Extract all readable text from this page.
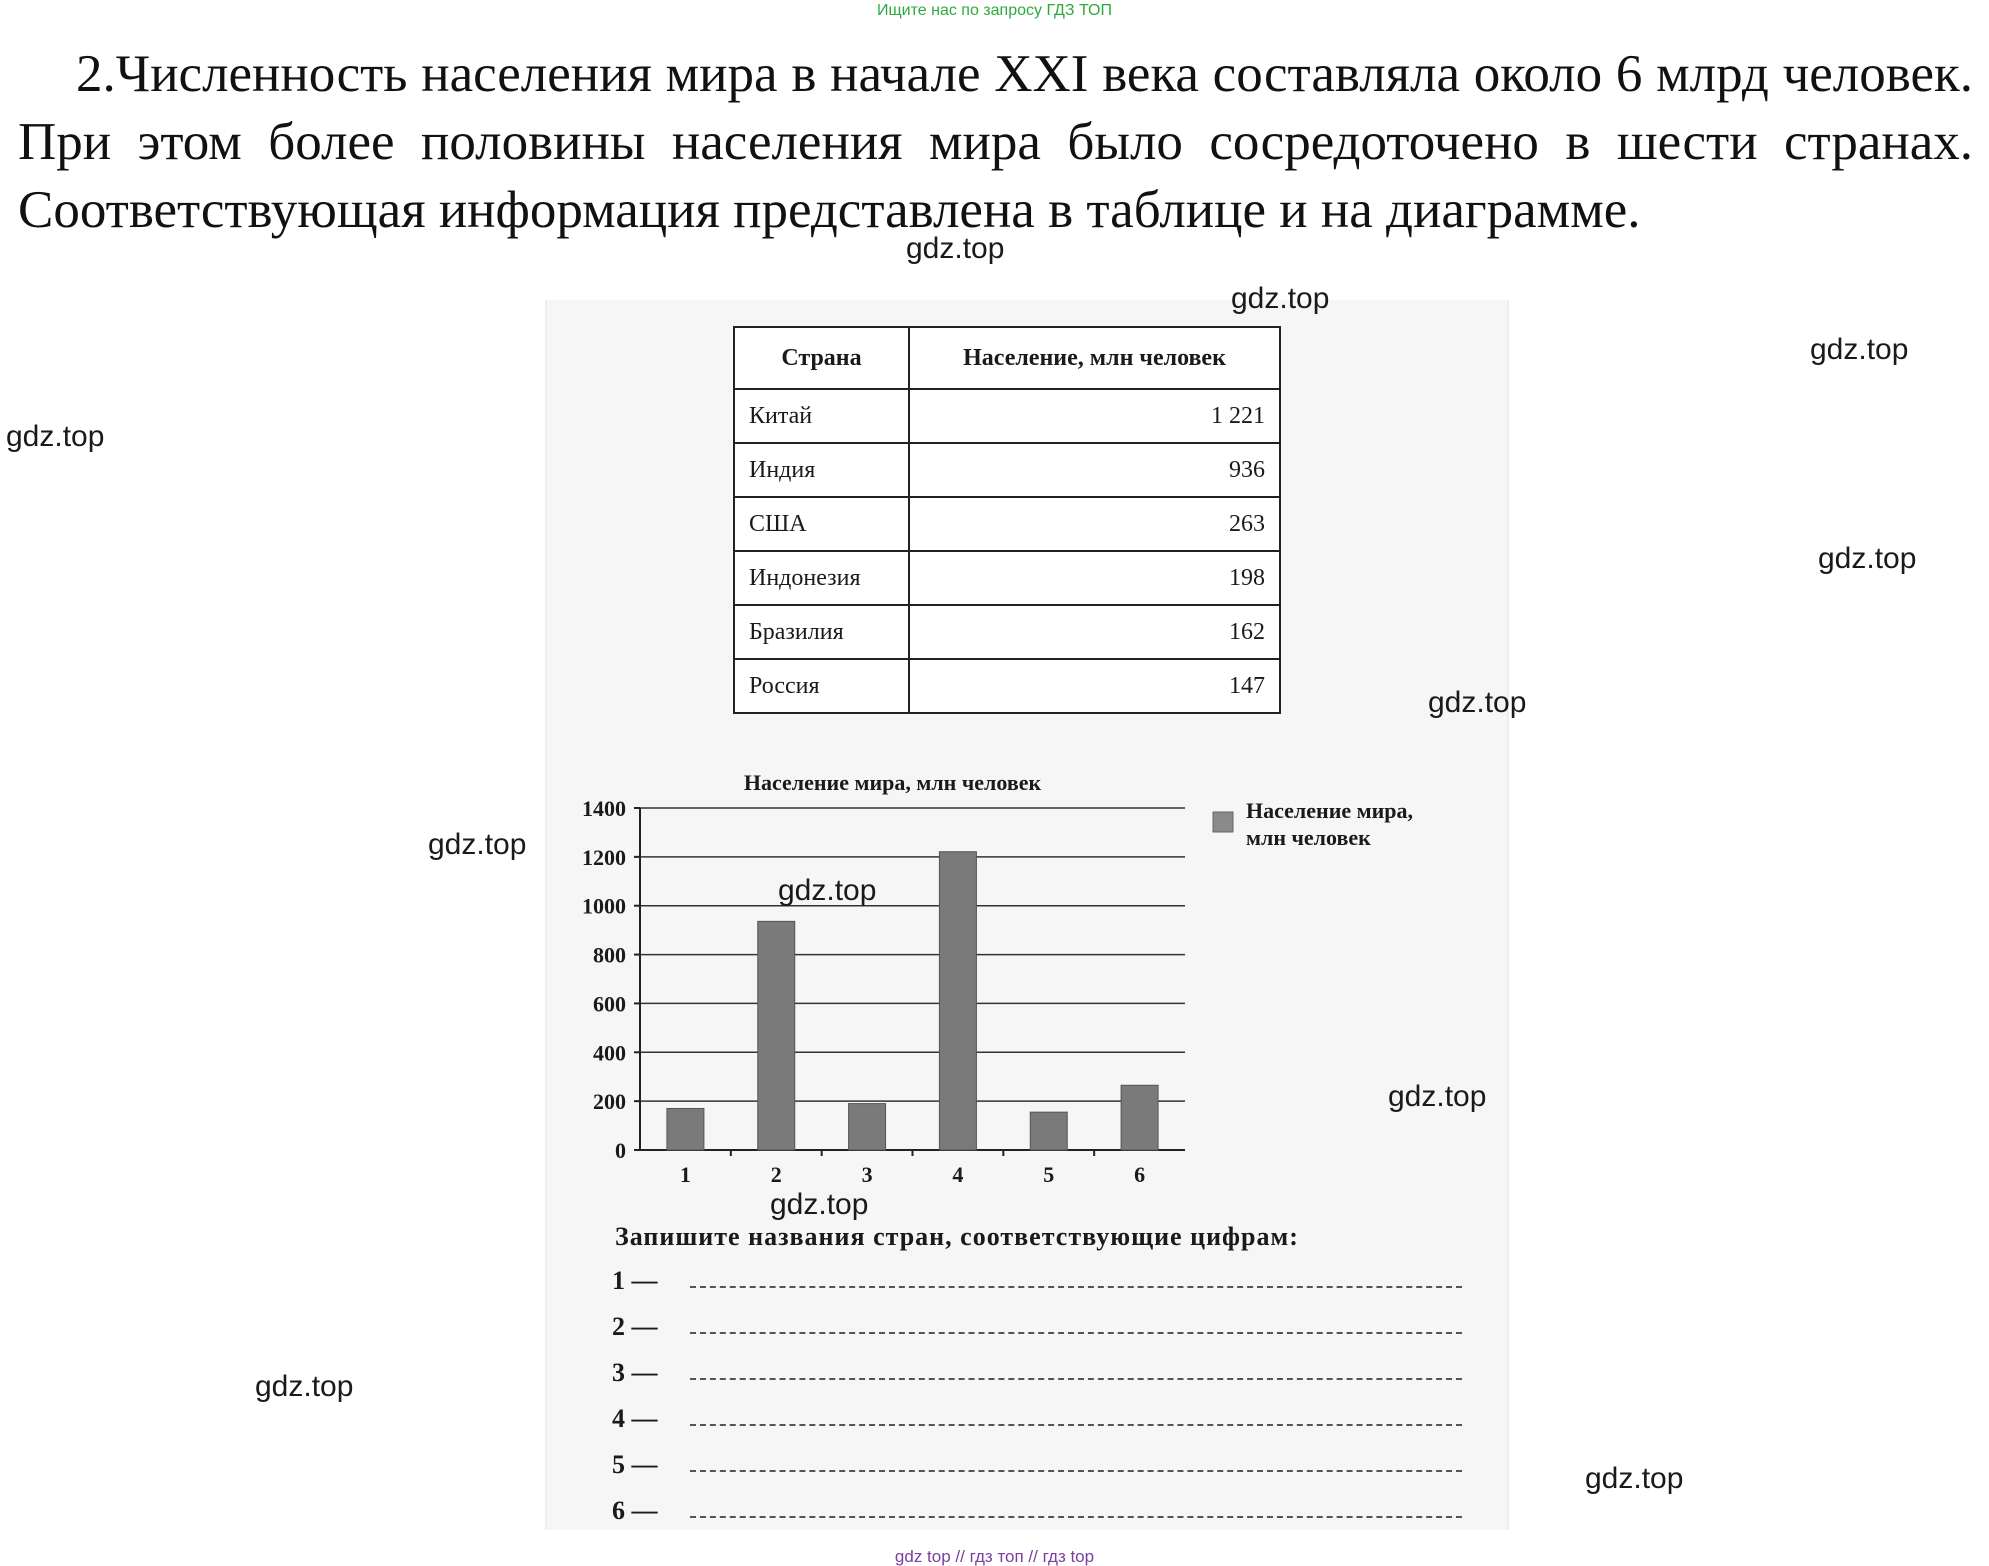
Ищите нас по запросу ГДЗ ТОП
2.Численность населения мира в начале XXI века составляла около 6 млрд человек. При этом более половины населения мира было сосредоточено в шести странах. Соответствующая информация представлена в таблице и на диаграмме.
Страна	Население, млн человек
Китай	1 221
Индия	936
США	263
Индонезия	198
Бразилия	162
Россия	147
Население мира, млн человек
0
200
400
600
800
1000
1200
1400
1	2	3	4	5	6
Население мира,
млн человек
Запишите названия стран, соответствующие цифрам:
1 —
2 —
3 —
4 —
5 —
6 —
gdz.top
gdz.top
gdz.top
gdz.top
gdz.top
gdz.top
gdz.top
gdz.top
gdz.top
gdz.top
gdz.top
gdz.top
gdz top // гдз топ // гдз top
